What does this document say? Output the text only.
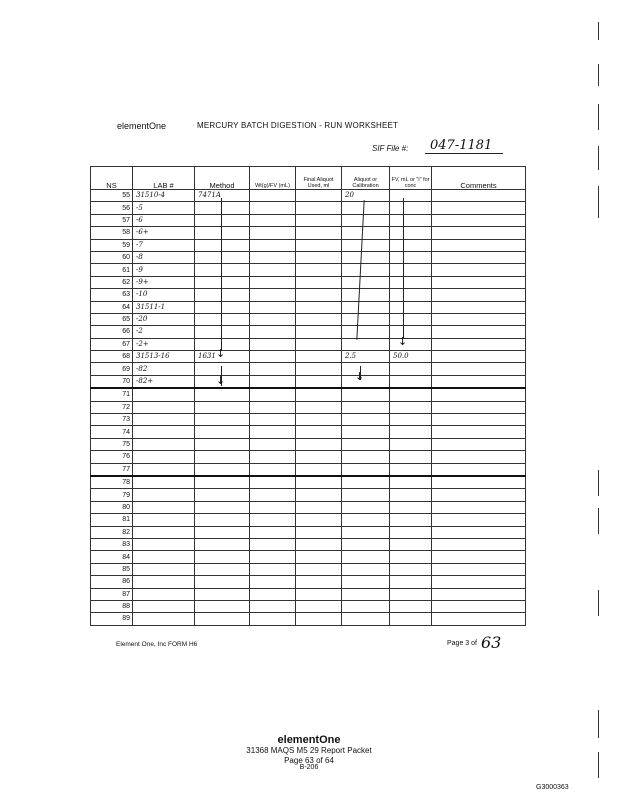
elementOne	MERCURY BATCH DIGESTION - RUN WORKSHEET
SIF File #: 047-1181
NS	LAB #	Method	Wt(g)/FV (mL)	Final Aliquot Used, ml	Aliquot or Calibration	FV, mL or "i" for conc	Comments
55	31510-4	7471A			20		
56	-5						
57	-6						
58	-6+						
59	-7						
60	-8						
61	-9						
62	-9+						
63	-10						
64	31511-1						
65	-20						
66	-2						
67	-2+						
68	31513-16	1631			2.5	50.0	
69	-82						
70	-82+						
71							
72							
73							
74							
75							
76							
77							
78							
79							
80							
81							
82							
83							
84							
85							
86							
87							
88							
89							
↓
↓	↓
↓
Element One, Inc FORM H6	Page 3 of 63
elementOne
31368 MAQS M5 29 Report Packet
Page 63 of 64
B-206
G3000363
